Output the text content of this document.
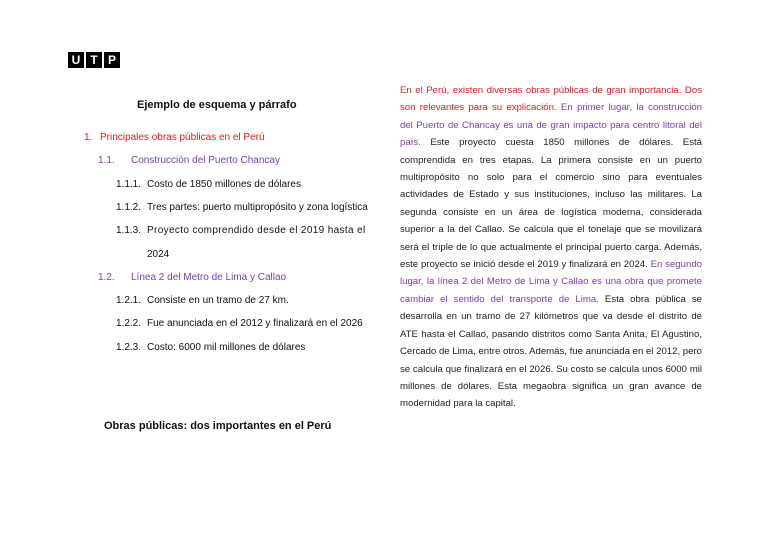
U T P
Ejemplo de esquema y párrafo
1. Principales obras públicas en el Perú
1.1. Construcción del Puerto Chancay
1.1.1. Costo de 1850 millones de dólares
1.1.2. Tres partes: puerto multipropósito y zona logística
1.1.3. Proyecto comprendido desde el 2019 hasta el
2024
1.2. Línea 2 del Metro de Lima y Callao
1.2.1. Consiste en un tramo de 27 km.
1.2.2. Fue anunciada en el 2012 y finalizará en el 2026
1.2.3. Costo: 6000 mil millones de dólares
Obras públicas: dos importantes en el Perú
En el Perú, existen diversas obras públicas de gran importancia. Dos son relevantes para su explicación. En primer lugar, la construcción del Puerto de Chancay es una de gran impacto para centro litoral del país. Este proyecto cuesta 1850 millones de dólares. Está comprendida en tres etapas. La primera consiste en un puerto multipropósito no solo para el comercio sino para eventuales actividades de Estado y sus instituciones, incluso las militares. La segunda consiste en un área de logística moderna, considerada superior a la del Callao. Se calcula que el tonelaje que se movilizará será el triple de lo que actualmente el principal puerto carga. Además, este proyecto se inició desde el 2019 y finalizará en 2024. En segundo lugar, la línea 2 del Metro de Lima y Callao es una obra que promete cambiar el sentido del transporte de Lima. Esta obra pública se desarrolla en un tramo de 27 kilómetros que va desde el distrito de ATE hasta el Callao, pasando distritos como Santa Anita, El Agustino, Cercado de Lima, entre otros. Además, fue anunciada en el 2012, pero se calcula que finalizará en el 2026. Su costo se calcula unos 6000 mil millones de dólares. Esta megaobra significa un gran avance de modernidad para la capital.
